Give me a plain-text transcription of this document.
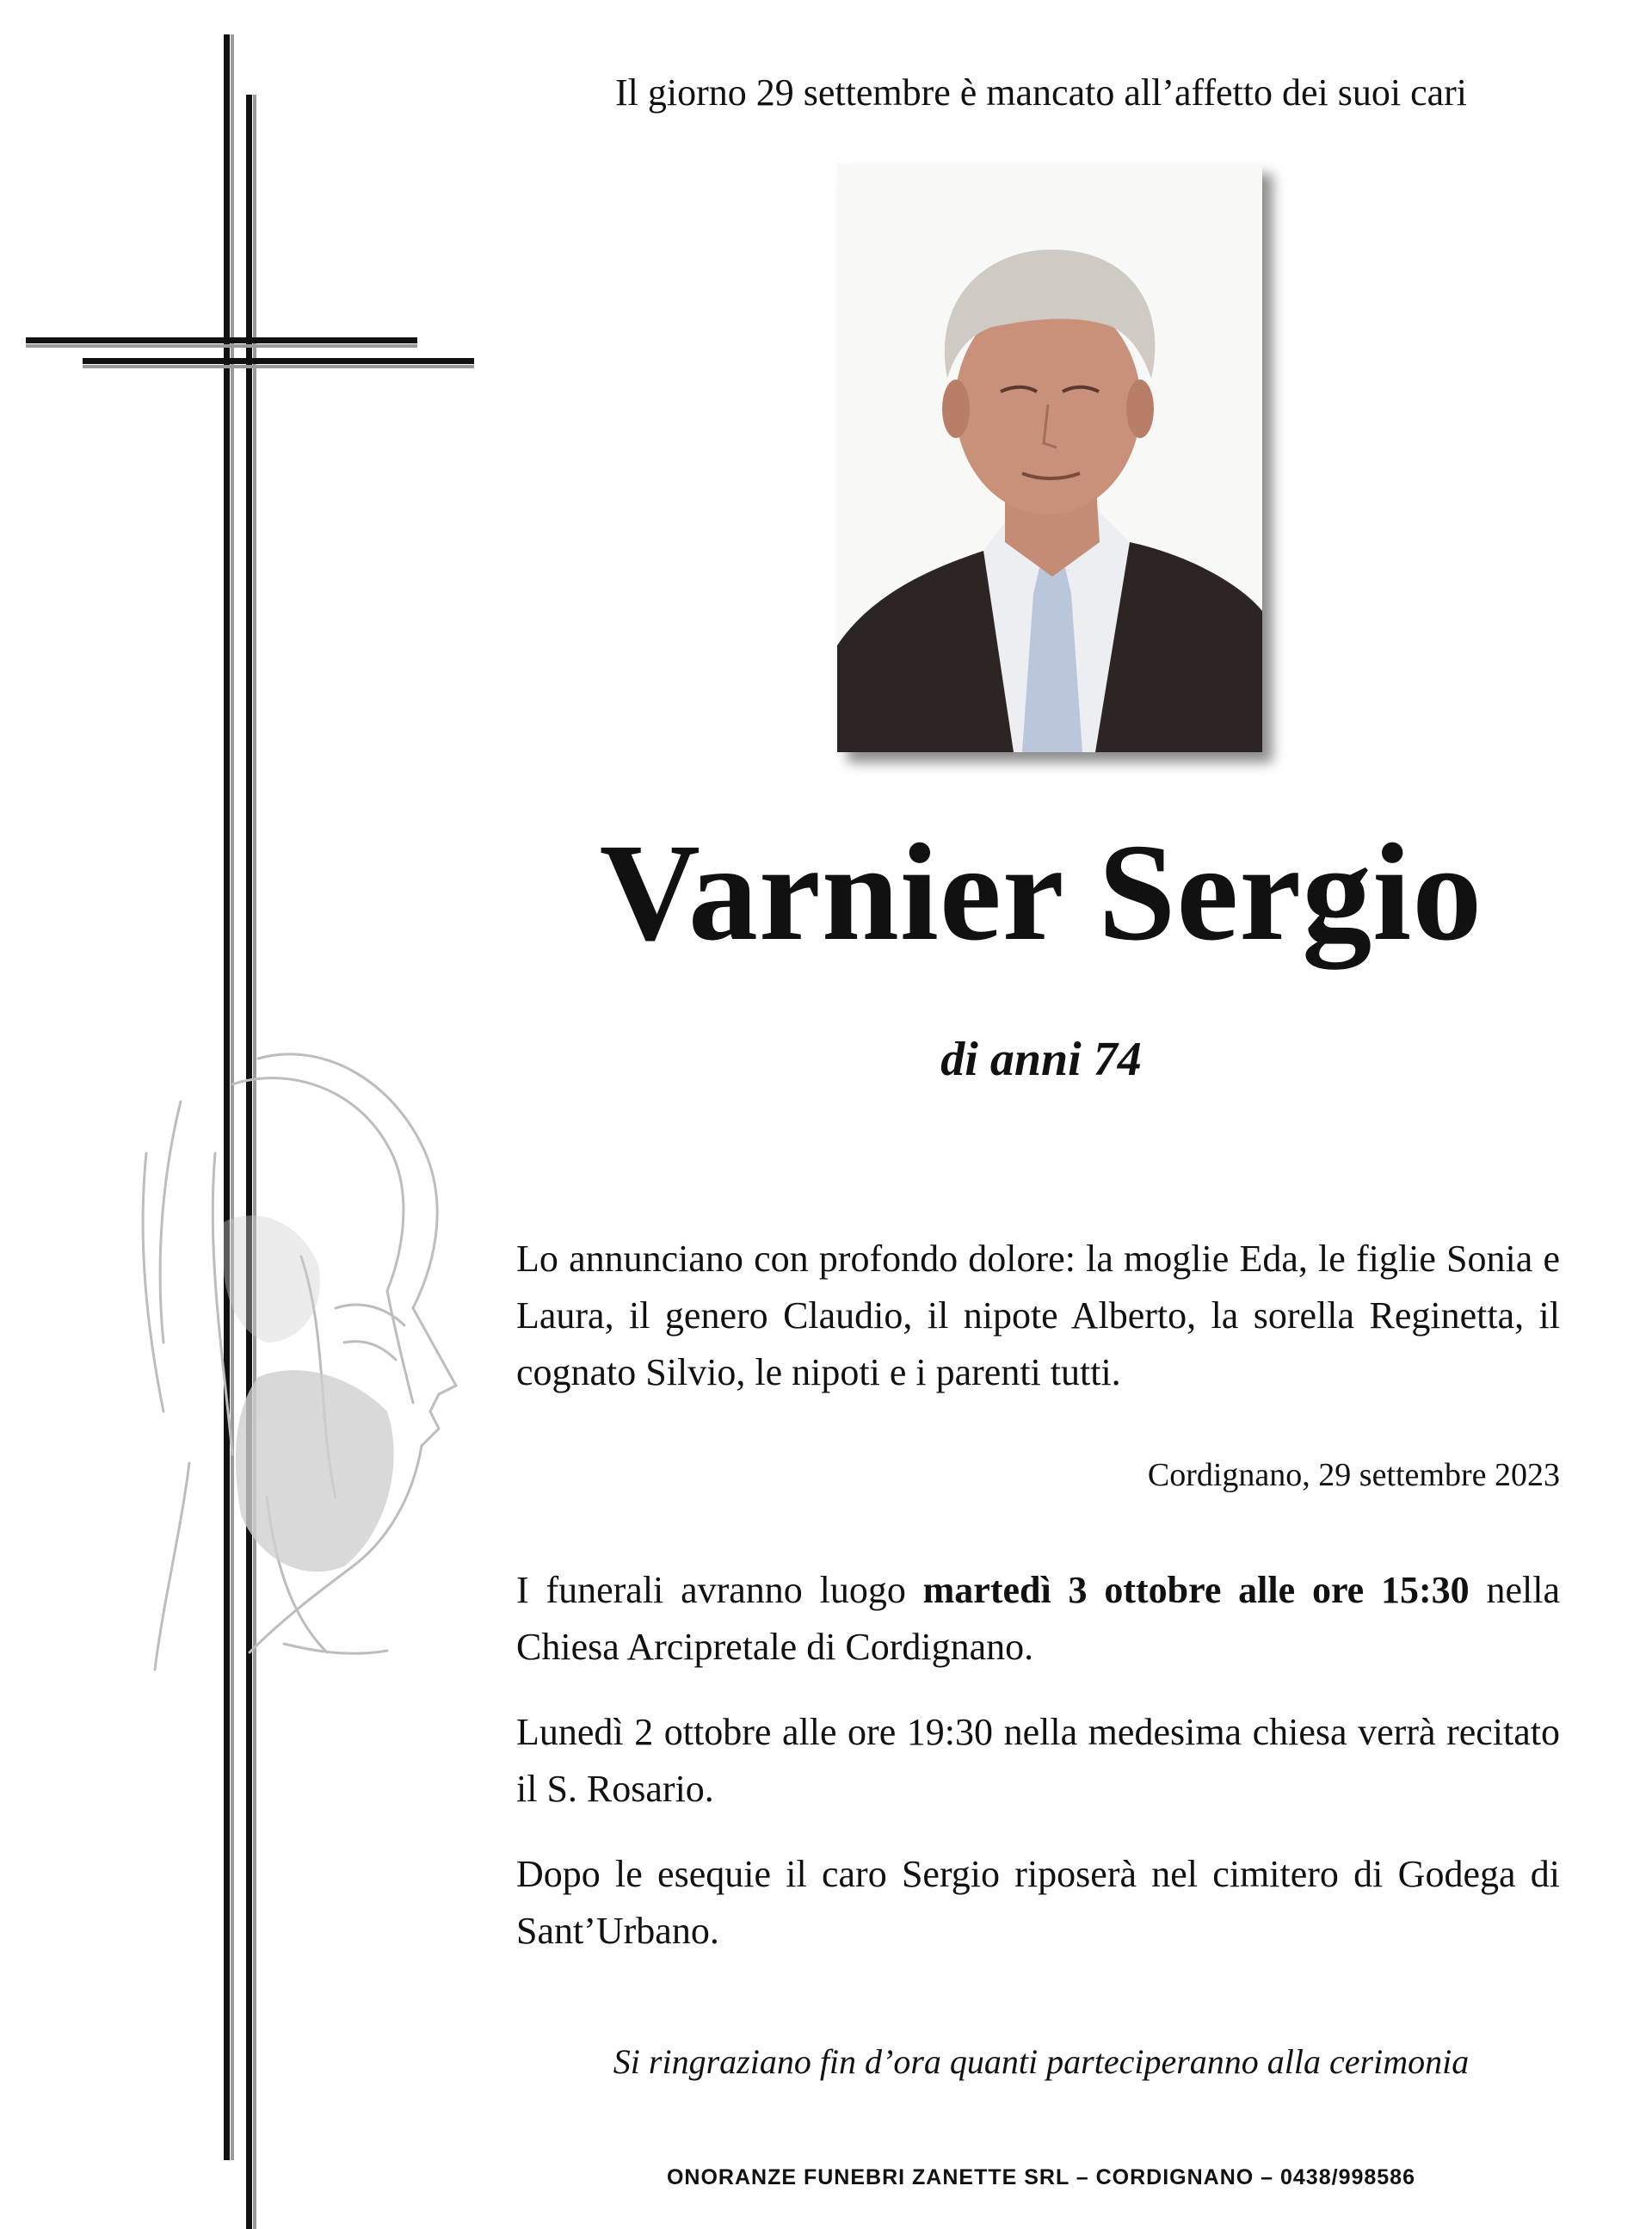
Il giorno 29 settembre è mancato all’affetto dei suoi cari
Varnier Sergio
di anni 74
Lo annunciano con profondo dolore: la moglie Eda, le figlie Sonia e Laura, il genero Claudio, il nipote Alberto, la sorella Reginetta, il cognato Silvio, le nipoti e i parenti tutti.
Cordignano, 29 settembre 2023
I funerali avranno luogo martedì 3 ottobre alle ore 15:30 nella Chiesa Arcipretale di Cordignano.
Lunedì 2 ottobre alle ore 19:30 nella medesima chiesa verrà recitato il S. Rosario.
Dopo le esequie il caro Sergio riposerà nel cimitero di Godega di Sant’Urbano.
Si ringraziano fin d’ora quanti parteciperanno alla cerimonia
ONORANZE FUNEBRI ZANETTE SRL – CORDIGNANO – 0438/998586
